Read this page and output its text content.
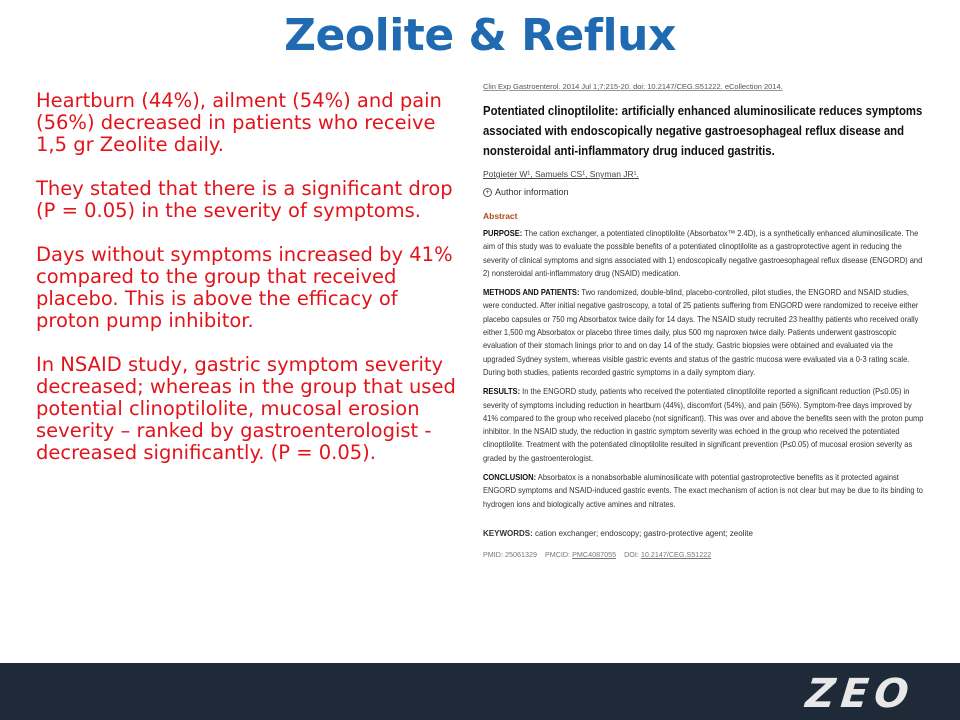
Zeolite & Reflux

Heartburn (44%), ailment (54%) and pain (56%) decreased in patients who receive 1,5 gr Zeolite daily.

They stated that there is a significant drop (P = 0.05) in the severity of symptoms.

Days without symptoms increased by 41% compared to the group that received placebo. This is above the efficacy of proton pump inhibitor.

In NSAID study, gastric symptom severity decreased; whereas in the group that used potential clinoptilolite, mucosal erosion severity – ranked by gastroenterologist - decreased significantly. (P = 0.05).

Clin Exp Gastroenterol. 2014 Jul 1;7:215-20. doi: 10.2147/CEG.S51222. eCollection 2014.
Potentiated clinoptilolite: artificially enhanced aluminosilicate reduces symptoms associated with endoscopically negative gastroesophageal reflux disease and nonsteroidal anti-inflammatory drug induced gastritis.
Potgieter W¹, Samuels CS¹, Snyman JR¹.
+ Author information
Abstract
PURPOSE: The cation exchanger, a potentiated clinoptilolite (Absorbatox™ 2.4D), is a synthetically enhanced aluminosilicate. The aim of this study was to evaluate the possible benefits of a potentiated clinoptilolite as a gastroprotective agent in reducing the severity of clinical symptoms and signs associated with 1) endoscopically negative gastroesophageal reflux disease (ENGORD) and 2) nonsteroidal anti-inflammatory drug (NSAID) medication.
METHODS AND PATIENTS: Two randomized, double-blind, placebo-controlled, pilot studies, the ENGORD and NSAID studies, were conducted. After initial negative gastroscopy, a total of 25 patients suffering from ENGORD were randomized to receive either placebo capsules or 750 mg Absorbatox twice daily for 14 days. The NSAID study recruited 23 healthy patients who received orally either 1,500 mg Absorbatox or placebo three times daily, plus 500 mg naproxen twice daily. Patients underwent gastroscopic evaluation of their stomach linings prior to and on day 14 of the study. Gastric biopsies were obtained and evaluated via the upgraded Sydney system, whereas visible gastric events and status of the gastric mucosa were evaluated via a 0-3 rating scale. During both studies, patients recorded gastric symptoms in a daily symptom diary.
RESULTS: In the ENGORD study, patients who received the potentiated clinoptilolite reported a significant reduction (P≤0.05) in severity of symptoms including reduction in heartburn (44%), discomfort (54%), and pain (56%). Symptom-free days improved by 41% compared to the group who received placebo (not significant). This was over and above the benefits seen with the proton pump inhibitor. In the NSAID study, the reduction in gastric symptom severity was echoed in the group who received the potentiated clinoptilolite. Treatment with the potentiated clinoptilolite resulted in significant prevention (P≤0.05) of mucosal erosion severity as graded by the gastroenterologist.
CONCLUSION: Absorbatox is a nonabsorbable aluminosilicate with potential gastroprotective benefits as it protected against ENGORD symptoms and NSAID-induced gastric events. The exact mechanism of action is not clear but may be due to its binding to hydrogen ions and biologically active amines and nitrates.
KEYWORDS: cation exchanger; endoscopy; gastro-protective agent; zeolite
PMID: 25061329 PMCID: PMC4087055 DOI: 10.2147/CEG.S51222
ZEO
